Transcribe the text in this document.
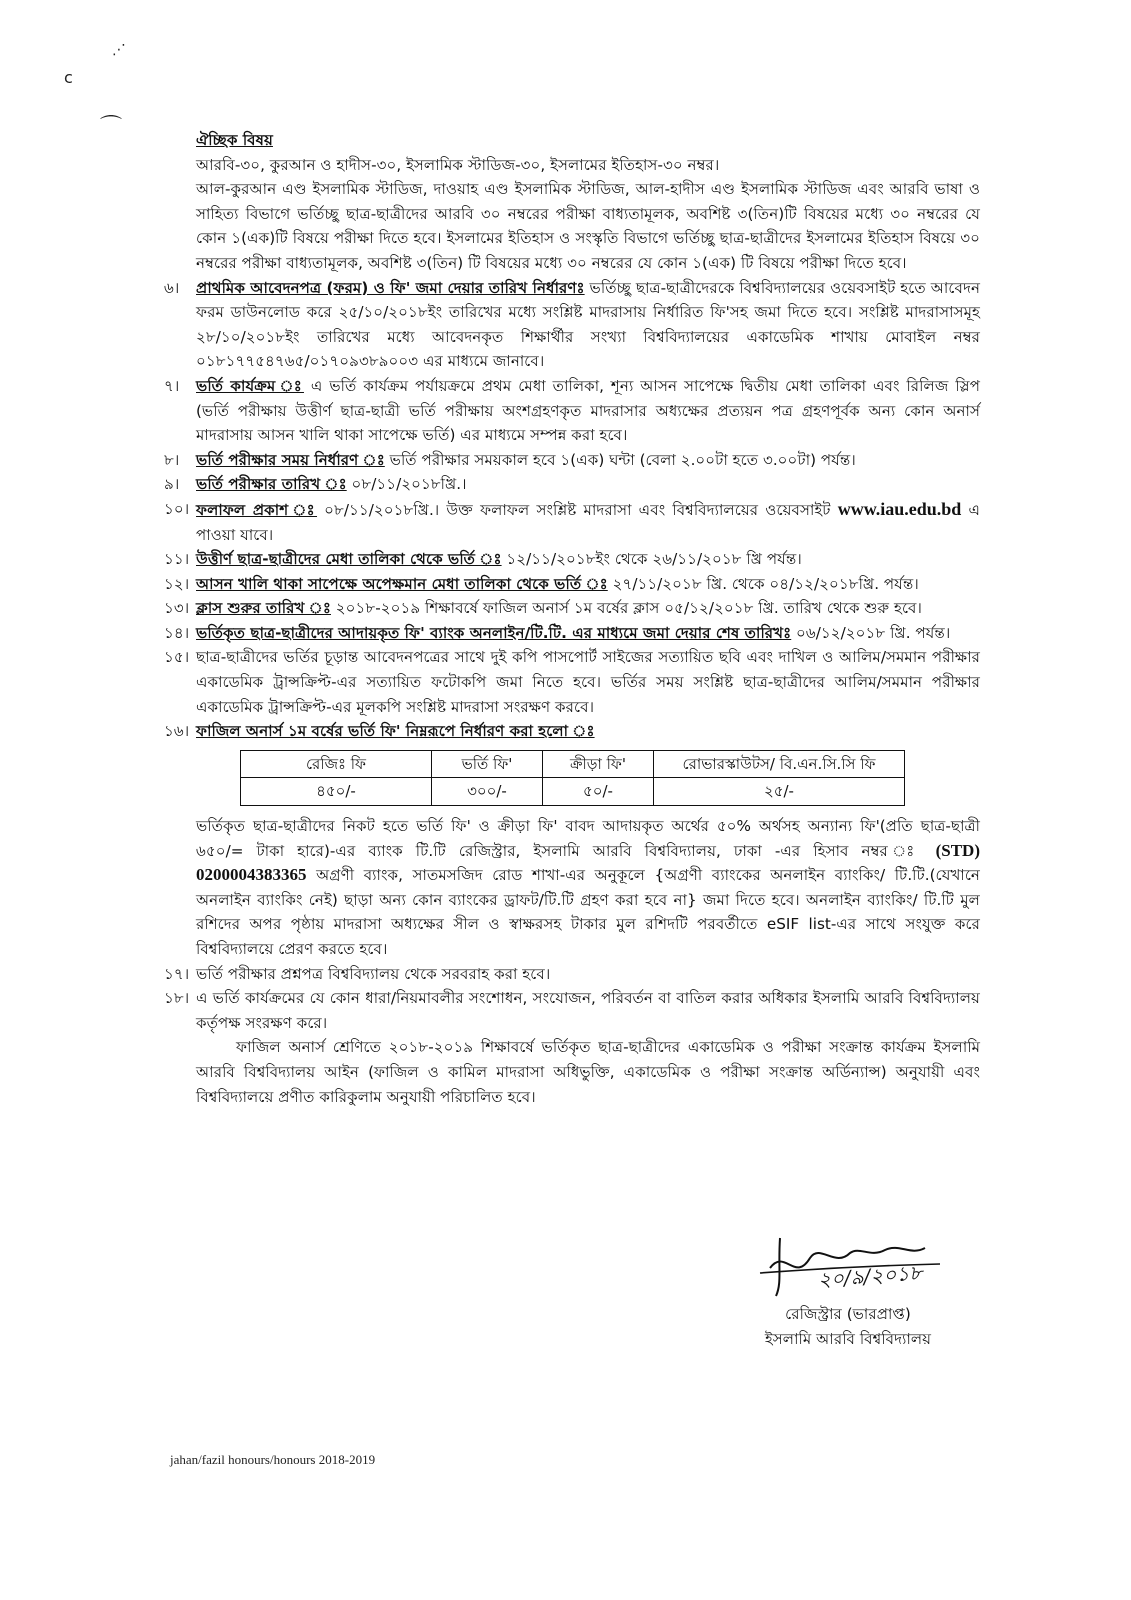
⋰
c
⌒	ঐচ্ছিক বিষয়
আরবি-৩০, কুরআন ও হাদীস-৩০, ইসলামিক স্টাডিজ-৩০, ইসলামের ইতিহাস-৩০ নম্বর।
আল-কুরআন এণ্ড ইসলামিক স্টাডিজ, দাওয়াহ এণ্ড ইসলামিক স্টাডিজ, আল-হাদীস এণ্ড ইসলামিক স্টাডিজ এবং আরবি ভাষা ও সাহিত্য বিভাগে ভর্তিচ্ছু ছাত্র-ছাত্রীদের আরবি ৩০ নম্বরের পরীক্ষা বাধ্যতামূলক, অবশিষ্ট ৩(তিন)টি বিষয়ের মধ্যে ৩০ নম্বরের যে কোন ১(এক)টি বিষয়ে পরীক্ষা দিতে হবে। ইসলামের ইতিহাস ও সংস্কৃতি বিভাগে ভর্তিচ্ছু ছাত্র-ছাত্রীদের ইসলামের ইতিহাস বিষয়ে ৩০ নম্বরের পরীক্ষা বাধ্যতামূলক, অবশিষ্ট ৩(তিন) টি বিষয়ের মধ্যে ৩০ নম্বরের যে কোন ১(এক) টি বিষয়ে পরীক্ষা দিতে হবে।
৬। প্রাথমিক আবেদনপত্র (ফরম) ও ফি' জমা দেয়ার তারিখ নির্ধারণঃ ভর্তিচ্ছু ছাত্র-ছাত্রীদেরকে বিশ্ববিদ্যালয়ের ওয়েবসাইট হতে আবেদন ফরম ডাউনলোড করে ২৫/১০/২০১৮ইং তারিখের মধ্যে সংশ্লিষ্ট মাদরাসায় নির্ধারিত ফি'সহ জমা দিতে হবে। সংশ্লিষ্ট মাদরাসাসমূহ ২৮/১০/২০১৮ইং তারিখের মধ্যে আবেদনকৃত শিক্ষার্থীর সংখ্যা বিশ্ববিদ্যালয়ের একাডেমিক শাখায় মোবাইল নম্বর ০১৮১৭৭৫৪৭৬৫/০১৭০৯৩৮৯০০৩ এর মাধ্যমে জানাবে।
৭। ভর্তি কার্যক্রম ঃ এ ভর্তি কার্যক্রম পর্যায়ক্রমে প্রথম মেধা তালিকা, শূন্য আসন সাপেক্ষে দ্বিতীয় মেধা তালিকা এবং রিলিজ স্লিপ (ভর্তি পরীক্ষায় উত্তীর্ণ ছাত্র-ছাত্রী ভর্তি পরীক্ষায় অংশগ্রহণকৃত মাদরাসার অধ্যক্ষের প্রত্যয়ন পত্র গ্রহণপূর্বক অন্য কোন অনার্স মাদরাসায় আসন খালি থাকা সাপেক্ষে ভর্তি) এর মাধ্যমে সম্পন্ন করা হবে।
৮। ভর্তি পরীক্ষার সময় নির্ধারণ ঃ ভর্তি পরীক্ষার সময়কাল হবে ১(এক) ঘন্টা (বেলা ২.০০টা হতে ৩.০০টা) পর্যন্ত।
৯। ভর্তি পরীক্ষার তারিখ ঃ ০৮/১১/২০১৮খ্রি.।
১০। ফলাফল প্রকাশ ঃ ০৮/১১/২০১৮খ্রি.। উক্ত ফলাফল সংশ্লিষ্ট মাদরাসা এবং বিশ্ববিদ্যালয়ের ওয়েবসাইট www.iau.edu.bd এ পাওয়া যাবে।
১১। উত্তীর্ণ ছাত্র-ছাত্রীদের মেধা তালিকা থেকে ভর্তি ঃ ১২/১১/২০১৮ইং থেকে ২৬/১১/২০১৮ খ্রি পর্যন্ত।
১২। আসন খালি থাকা সাপেক্ষে অপেক্ষমান মেধা তালিকা থেকে ভর্তি ঃ ২৭/১১/২০১৮ খ্রি. থেকে ০৪/১২/২০১৮খ্রি. পর্যন্ত।
১৩। ক্লাস শুরুর তারিখ ঃ ২০১৮-২০১৯ শিক্ষাবর্ষে ফাজিল অনার্স ১ম বর্ষের ক্লাস ০৫/১২/২০১৮ খ্রি. তারিখ থেকে শুরু হবে।
১৪। ভর্তিকৃত ছাত্র-ছাত্রীদের আদায়কৃত ফি' ব্যাংক অনলাইন/টি.টি. এর মাধ্যমে জমা দেয়ার শেষ তারিখঃ ০৬/১২/২০১৮ খ্রি. পর্যন্ত।
১৫। ছাত্র-ছাত্রীদের ভর্তির চূড়ান্ত আবেদনপত্রের সাথে দুই কপি পাসপোর্ট সাইজের সত্যায়িত ছবি এবং দাখিল ও আলিম/সমমান পরীক্ষার একাডেমিক ট্রান্সক্রিপ্ট-এর সত্যায়িত ফটোকপি জমা নিতে হবে। ভর্তির সময় সংশ্লিষ্ট ছাত্র-ছাত্রীদের আলিম/সমমান পরীক্ষার একাডেমিক ট্রান্সক্রিপ্ট-এর মূলকপি সংশ্লিষ্ট মাদরাসা সংরক্ষণ করবে।
১৬। ফাজিল অনার্স ১ম বর্ষের ভর্তি ফি' নিম্নরূপে নির্ধারণ করা হলো ঃ
রেজিঃ ফি	ভর্তি ফি'	ক্রীড়া ফি'	রোভারস্কাউটস/ বি.এন.সি.সি ফি
৪৫০/-	৩০০/-	৫০/-	২৫/-
ভর্তিকৃত ছাত্র-ছাত্রীদের নিকট হতে ভর্তি ফি' ও ক্রীড়া ফি' বাবদ আদায়কৃত অর্থের ৫০% অর্থসহ অন্যান্য ফি'(প্রতি ছাত্র-ছাত্রী ৬৫০/= টাকা হারে)-এর ব্যাংক টি.টি রেজিস্ট্রার, ইসলামি আরবি বিশ্ববিদ্যালয়, ঢাকা -এর হিসাব নম্বর ঃ (STD) 0200004383365 অগ্রণী ব্যাংক, সাতমসজিদ রোড শাখা-এর অনুকূলে {অগ্রণী ব্যাংকের অনলাইন ব্যাংকিং/ টি.টি.(যেখানে অনলাইন ব্যাংকিং নেই) ছাড়া অন্য কোন ব্যাংকের ড্রাফট/টি.টি গ্রহণ করা হবে না} জমা দিতে হবে। অনলাইন ব্যাংকিং/ টি.টি মুল রশিদের অপর পৃষ্ঠায় মাদরাসা অধ্যক্ষের সীল ও স্বাক্ষরসহ টাকার মুল রশিদটি পরবর্তীতে eSIF list-এর সাথে সংযুক্ত করে বিশ্ববিদ্যালয়ে প্রেরণ করতে হবে।
১৭। ভর্তি পরীক্ষার প্রশ্নপত্র বিশ্ববিদ্যালয় থেকে সরবরাহ করা হবে।
১৮। এ ভর্তি কার্যক্রমের যে কোন ধারা/নিয়মাবলীর সংশোধন, সংযোজন, পরিবর্তন বা বাতিল করার অধিকার ইসলামি আরবি বিশ্ববিদ্যালয় কর্তৃপক্ষ সংরক্ষণ করে।
ফাজিল অনার্স শ্রেণিতে ২০১৮-২০১৯ শিক্ষাবর্ষে ভর্তিকৃত ছাত্র-ছাত্রীদের একাডেমিক ও পরীক্ষা সংক্রান্ত কার্যক্রম ইসলামি আরবি বিশ্ববিদ্যালয় আইন (ফাজিল ও কামিল মাদরাসা অধিভুক্তি, একাডেমিক ও পরীক্ষা সংক্রান্ত অর্ডিন্যান্স) অনুযায়ী এবং বিশ্ববিদ্যালয়ে প্রণীত কারিকুলাম অনুযায়ী পরিচালিত হবে।
২০/৯/২০১৮
রেজিস্ট্রার (ভারপ্রাপ্ত)
ইসলামি আরবি বিশ্ববিদ্যালয়
jahan/fazil honours/honours 2018-2019
